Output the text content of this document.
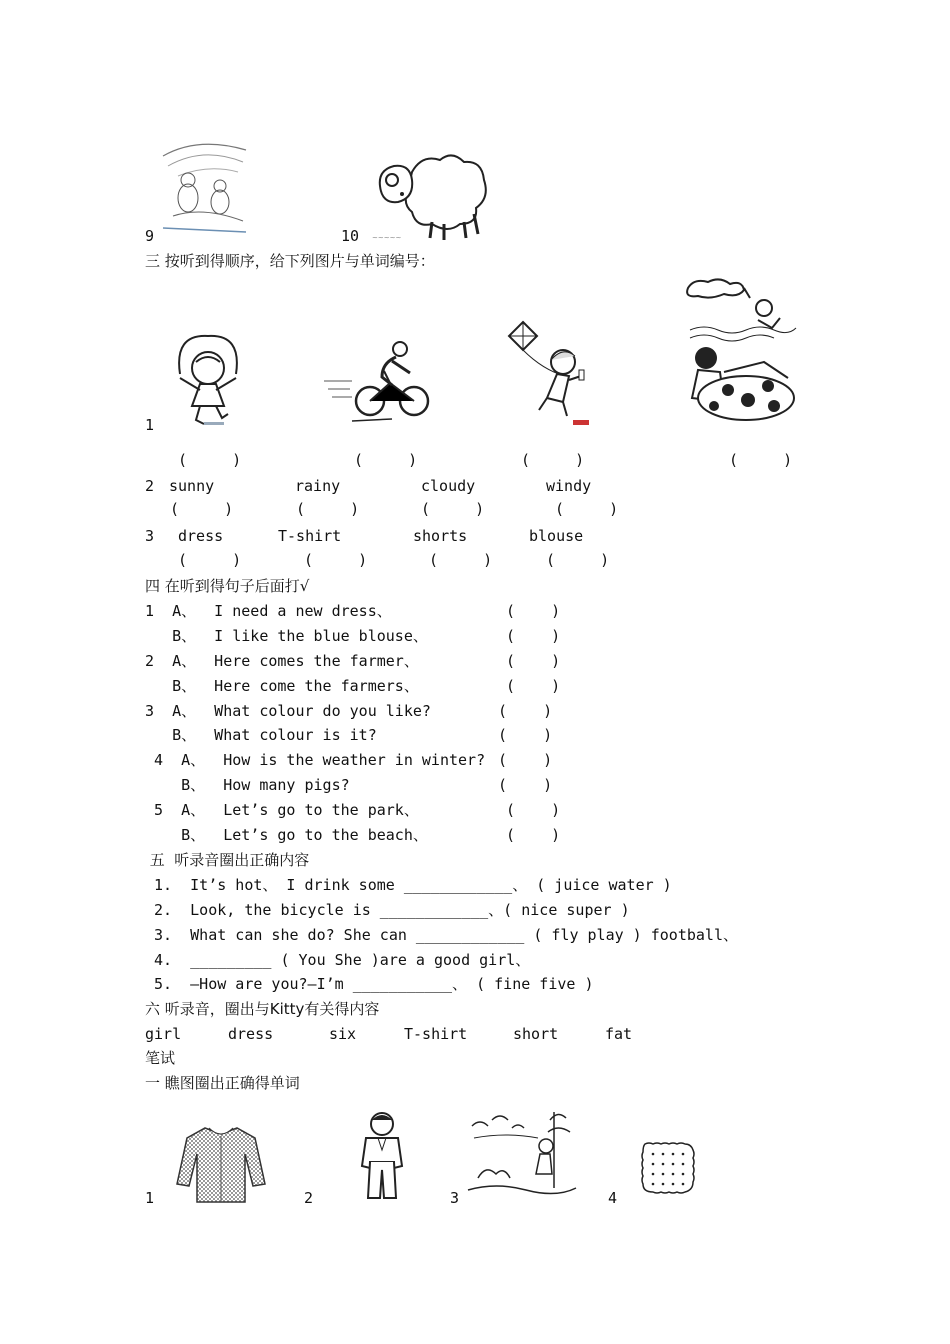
9	~~~~~
10
三 按听到得顺序，给下列图片与单词编号：
1
(     )	(     )	(     )	(     )
2 sunny	rainy	cloudy	windy
(     )	(     )	(     )	(     )
3 dress	T-shirt	shorts	blouse
(     )	(     )	(     )	(     )
四 在听到得句子后面打√
1  A、  I need a new dress、	(    )
B、  I like the blue blouse、	(    )
2  A、  Here comes the farmer、	(    )
B、  Here come the farmers、	(    )
3  A、  What colour do you like?	(    )
B、  What colour is it?	(    )
4  A、  How is the weather in winter? (    )
B、  How many pigs?	(    )
5  A、  Let’s go to the park、	(    )
B、  Let’s go to the beach、	(    )
五  听录音圈出正确内容
1.  It’s hot、 I drink some ____________、 ( juice water )
2.  Look, the bicycle is ____________、( nice super )
3.  What can she do? She can ____________ ( fly play ) football、
4.  _________ ( You She )are a good girl、
5.  –How are you?—I’m ___________、 ( fine five )
六 听录音，圈出与Kitty有关得内容
girl	dress	six	T-shirt	short	fat
笔试
一 瞧图圈出正确得单词
1	2	3	4
